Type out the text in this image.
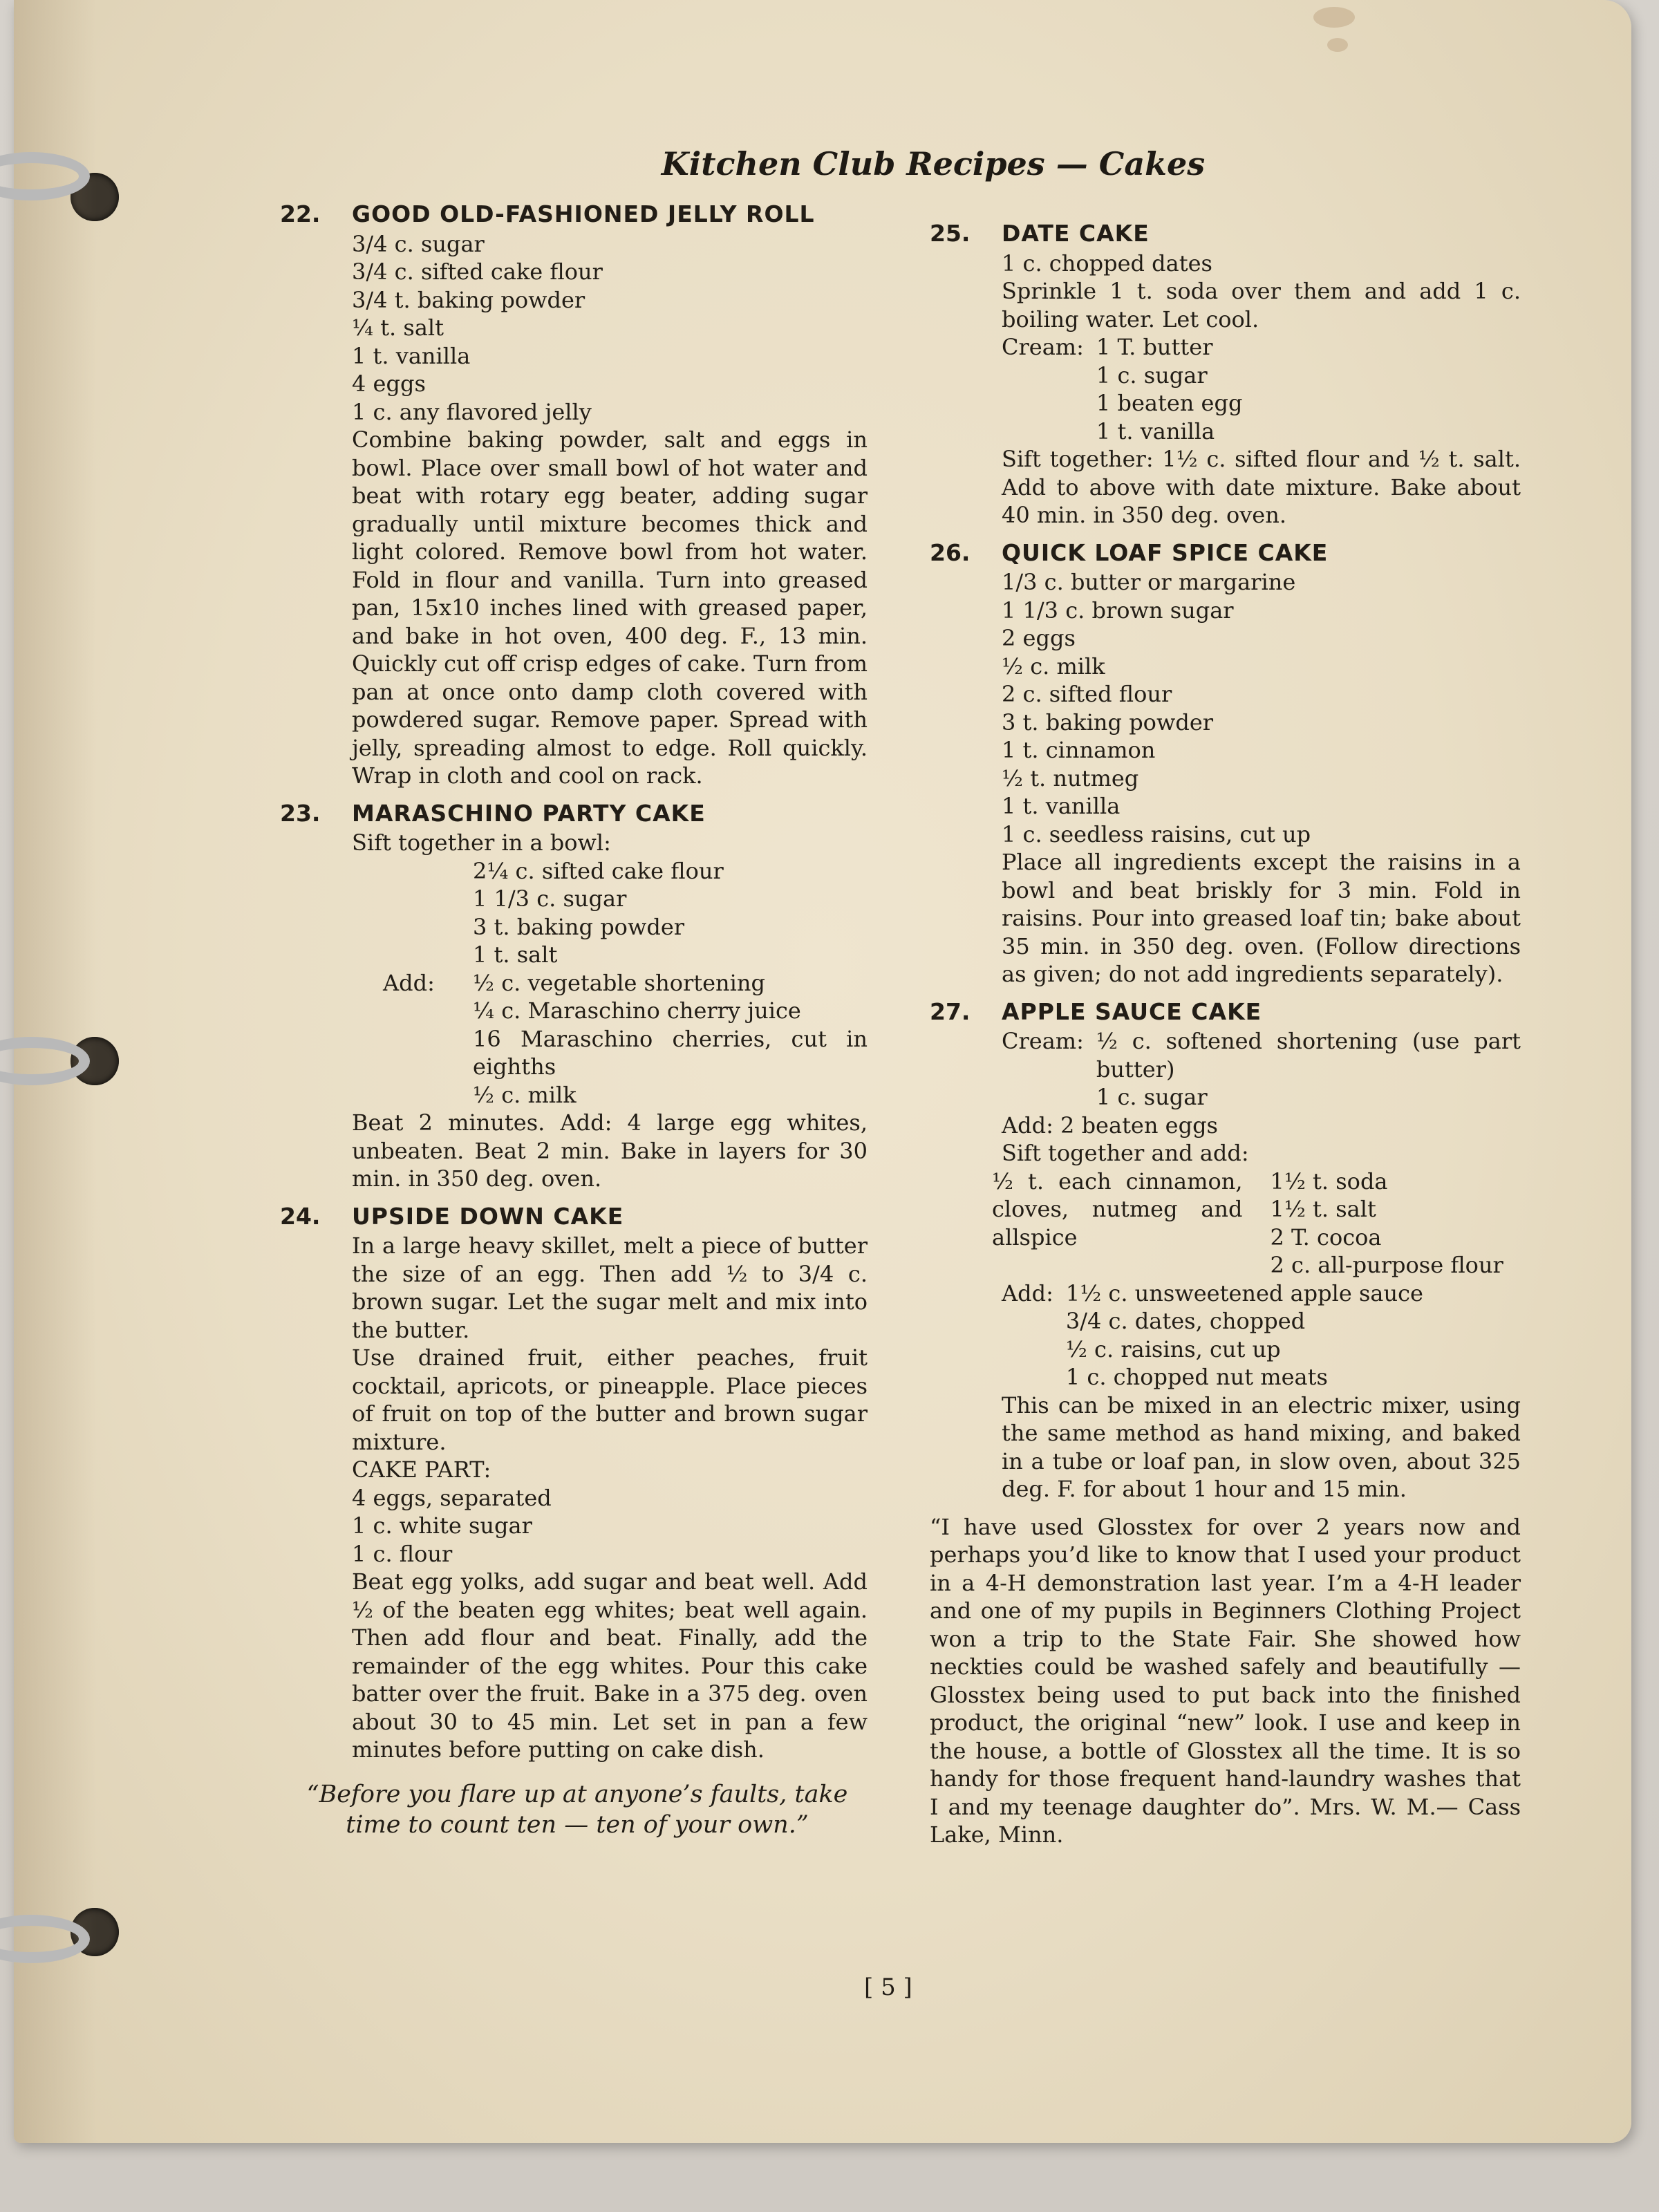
Kitchen Club Recipes — Cakes
22. GOOD OLD-FASHIONED JELLY ROLL
3/4 c. sugar
3/4 c. sifted cake flour
3/4 t. baking powder
¼ t. salt
1 t. vanilla
4 eggs
1 c. any flavored jelly
Combine baking powder, salt and eggs in bowl. Place over small bowl of hot water and beat with rotary egg beater, adding sugar gradually until mixture becomes thick and light colored. Remove bowl from hot water. Fold in flour and vanilla. Turn into greased pan, 15x10 inches lined with greased paper, and bake in hot oven, 400 deg. F., 13 min. Quickly cut off crisp edges of cake. Turn from pan at once onto damp cloth covered with powdered sugar. Remove paper. Spread with jelly, spreading almost to edge. Roll quickly. Wrap in cloth and cool on rack.
23. MARASCHINO PARTY CAKE
Sift together in a bowl:
2¼ c. sifted cake flour
1 1/3 c. sugar
3 t. baking powder
1 t. salt
Add:	½ c. vegetable shortening
¼ c. Maraschino cherry juice
16 Maraschino cherries, cut in eighths
½ c. milk
Beat 2 minutes. Add: 4 large egg whites, unbeaten. Beat 2 min. Bake in layers for 30 min. in 350 deg. oven.
24. UPSIDE DOWN CAKE
In a large heavy skillet, melt a piece of butter the size of an egg. Then add ½ to 3/4 c. brown sugar. Let the sugar melt and mix into the butter.
Use drained fruit, either peaches, fruit cocktail, apricots, or pineapple. Place pieces of fruit on top of the butter and brown sugar mixture.
CAKE PART:
4 eggs, separated
1 c. white sugar
1 c. flour
Beat egg yolks, add sugar and beat well. Add ½ of the beaten egg whites; beat well again. Then add flour and beat. Finally, add the remainder of the egg whites. Pour this cake batter over the fruit. Bake in a 375 deg. oven about 30 to 45 min. Let set in pan a few minutes before putting on cake dish.
“Before you flare up at anyone’s faults, take
time to count ten — ten of your own.”
25. DATE CAKE
1 c. chopped dates
Sprinkle 1 t. soda over them and add 1 c. boiling water. Let cool.
Cream: 1 T. butter
1 c. sugar
1 beaten egg
1 t. vanilla
Sift together: 1½ c. sifted flour and ½ t. salt. Add to above with date mixture. Bake about 40 min. in 350 deg. oven.
26. QUICK LOAF SPICE CAKE
1/3 c. butter or margarine
1 1/3 c. brown sugar
2 eggs
½ c. milk
2 c. sifted flour
3 t. baking powder
1 t. cinnamon
½ t. nutmeg
1 t. vanilla
1 c. seedless raisins, cut up
Place all ingredients except the raisins in a bowl and beat briskly for 3 min. Fold in raisins. Pour into greased loaf tin; bake about 35 min. in 350 deg. oven. (Follow directions as given; do not add ingredients separately).
27. APPLE SAUCE CAKE
Cream: ½ c. softened shortening (use part butter)
1 c. sugar
Add: 2 beaten eggs
Sift together and add:
½ t. each cinnamon, cloves, nutmeg and allspice
1½ t. soda
1½ t. salt
2 T. cocoa
2 c. all-purpose flour
Add: 1½ c. unsweetened apple sauce
3/4 c. dates, chopped
½ c. raisins, cut up
1 c. chopped nut meats
This can be mixed in an electric mixer, using the same method as hand mixing, and baked in a tube or loaf pan, in slow oven, about 325 deg. F. for about 1 hour and 15 min.
“I have used Glosstex for over 2 years now and perhaps you’d like to know that I used your product in a 4-H demonstration last year. I’m a 4-H leader and one of my pupils in Beginners Clothing Project won a trip to the State Fair. She showed how neckties could be washed safely and beautifully — Glosstex being used to put back into the finished product, the original “new” look. I use and keep in the house, a bottle of Glosstex all the time. It is so handy for those frequent hand-laundry washes that I and my teenage daughter do”. Mrs. W. M.— Cass Lake, Minn.
[ 5 ]
